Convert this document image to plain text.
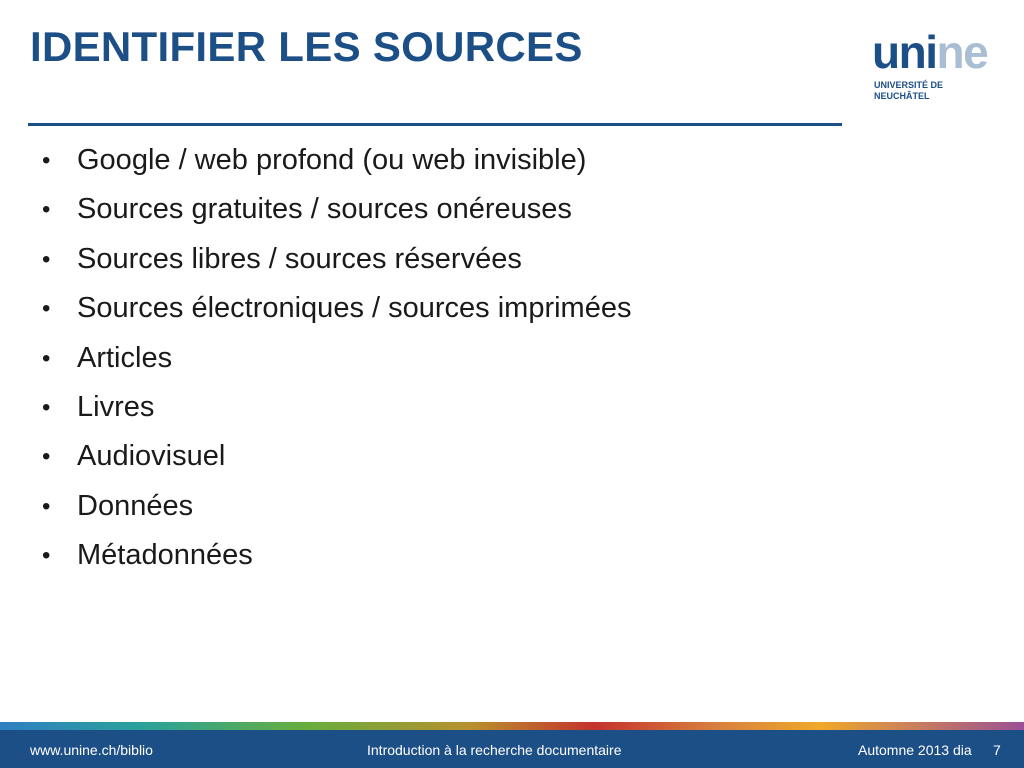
IDENTIFIER LES SOURCES	unine
UNIVERSITÉ DE
NEUCHÂTEL
• Google / web profond (ou web invisible)
• Sources gratuites / sources onéreuses
• Sources libres / sources réservées
• Sources électroniques / sources imprimées
• Articles
• Livres
• Audiovisuel
• Données
• Métadonnées
www.unine.ch/biblio	Introduction à la recherche documentaire	Automne 2013 dia 7
